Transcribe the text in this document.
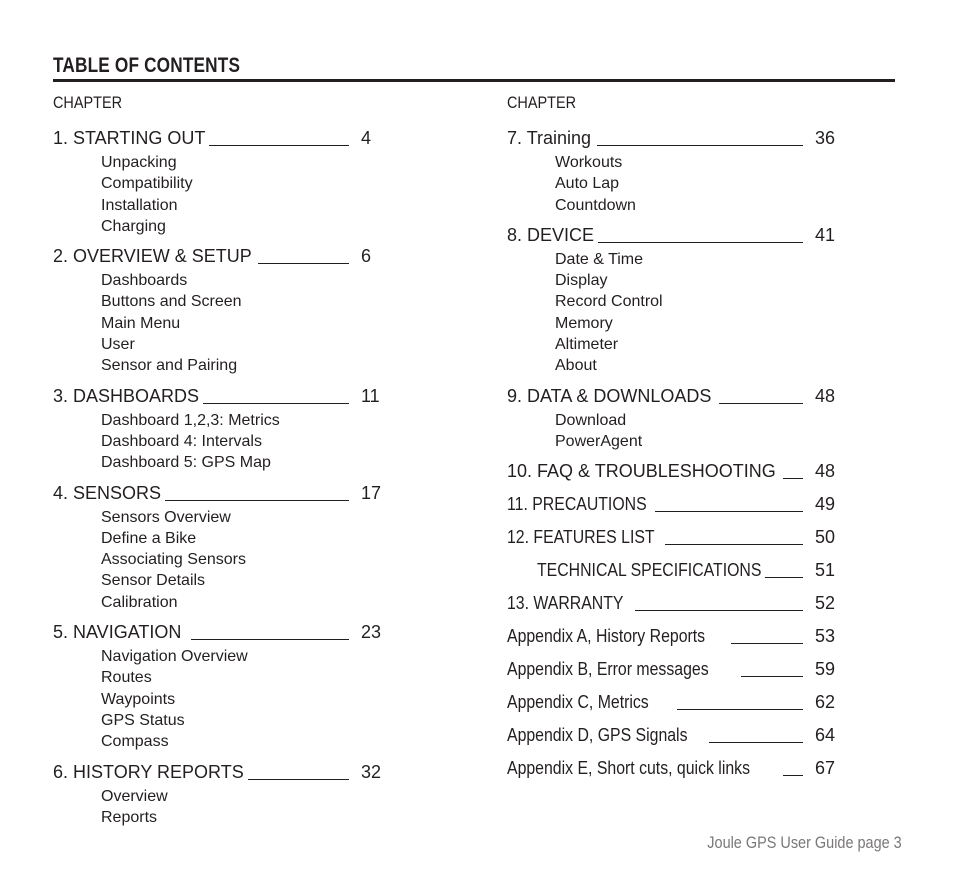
TABLE OF CONTENTS
CHAPTER
1. STARTING OUT	4
Unpacking
Compatibility
Installation
Charging
2. OVERVIEW & SETUP	6
Dashboards
Buttons and Screen
Main Menu
User
Sensor and Pairing
3. DASHBOARDS	11
Dashboard 1,2,3: Metrics
Dashboard 4: Intervals
Dashboard 5: GPS Map
4. SENSORS	17
Sensors Overview
Define a Bike
Associating Sensors
Sensor Details
Calibration
5. NAVIGATION	23
Navigation Overview
Routes
Waypoints
GPS Status
Compass
6. HISTORY REPORTS	32
Overview
Reports
CHAPTER
7. Training	36
Workouts
Auto Lap
Countdown
8. DEVICE	41
Date & Time
Display
Record Control
Memory
Altimeter
About
9. DATA & DOWNLOADS	48
Download
PowerAgent
10. FAQ & TROUBLESHOOTING 48
11. PRECAUTIONS	49
12. FEATURES LIST	50
TECHNICAL SPECIFICATIONS	51
13. WARRANTY	52
Appendix A, History Reports	53
Appendix B, Error messages	59
Appendix C, Metrics	62
Appendix D, GPS Signals	64
Appendix E, Short cuts, quick links	67
Joule GPS User Guide page 3
